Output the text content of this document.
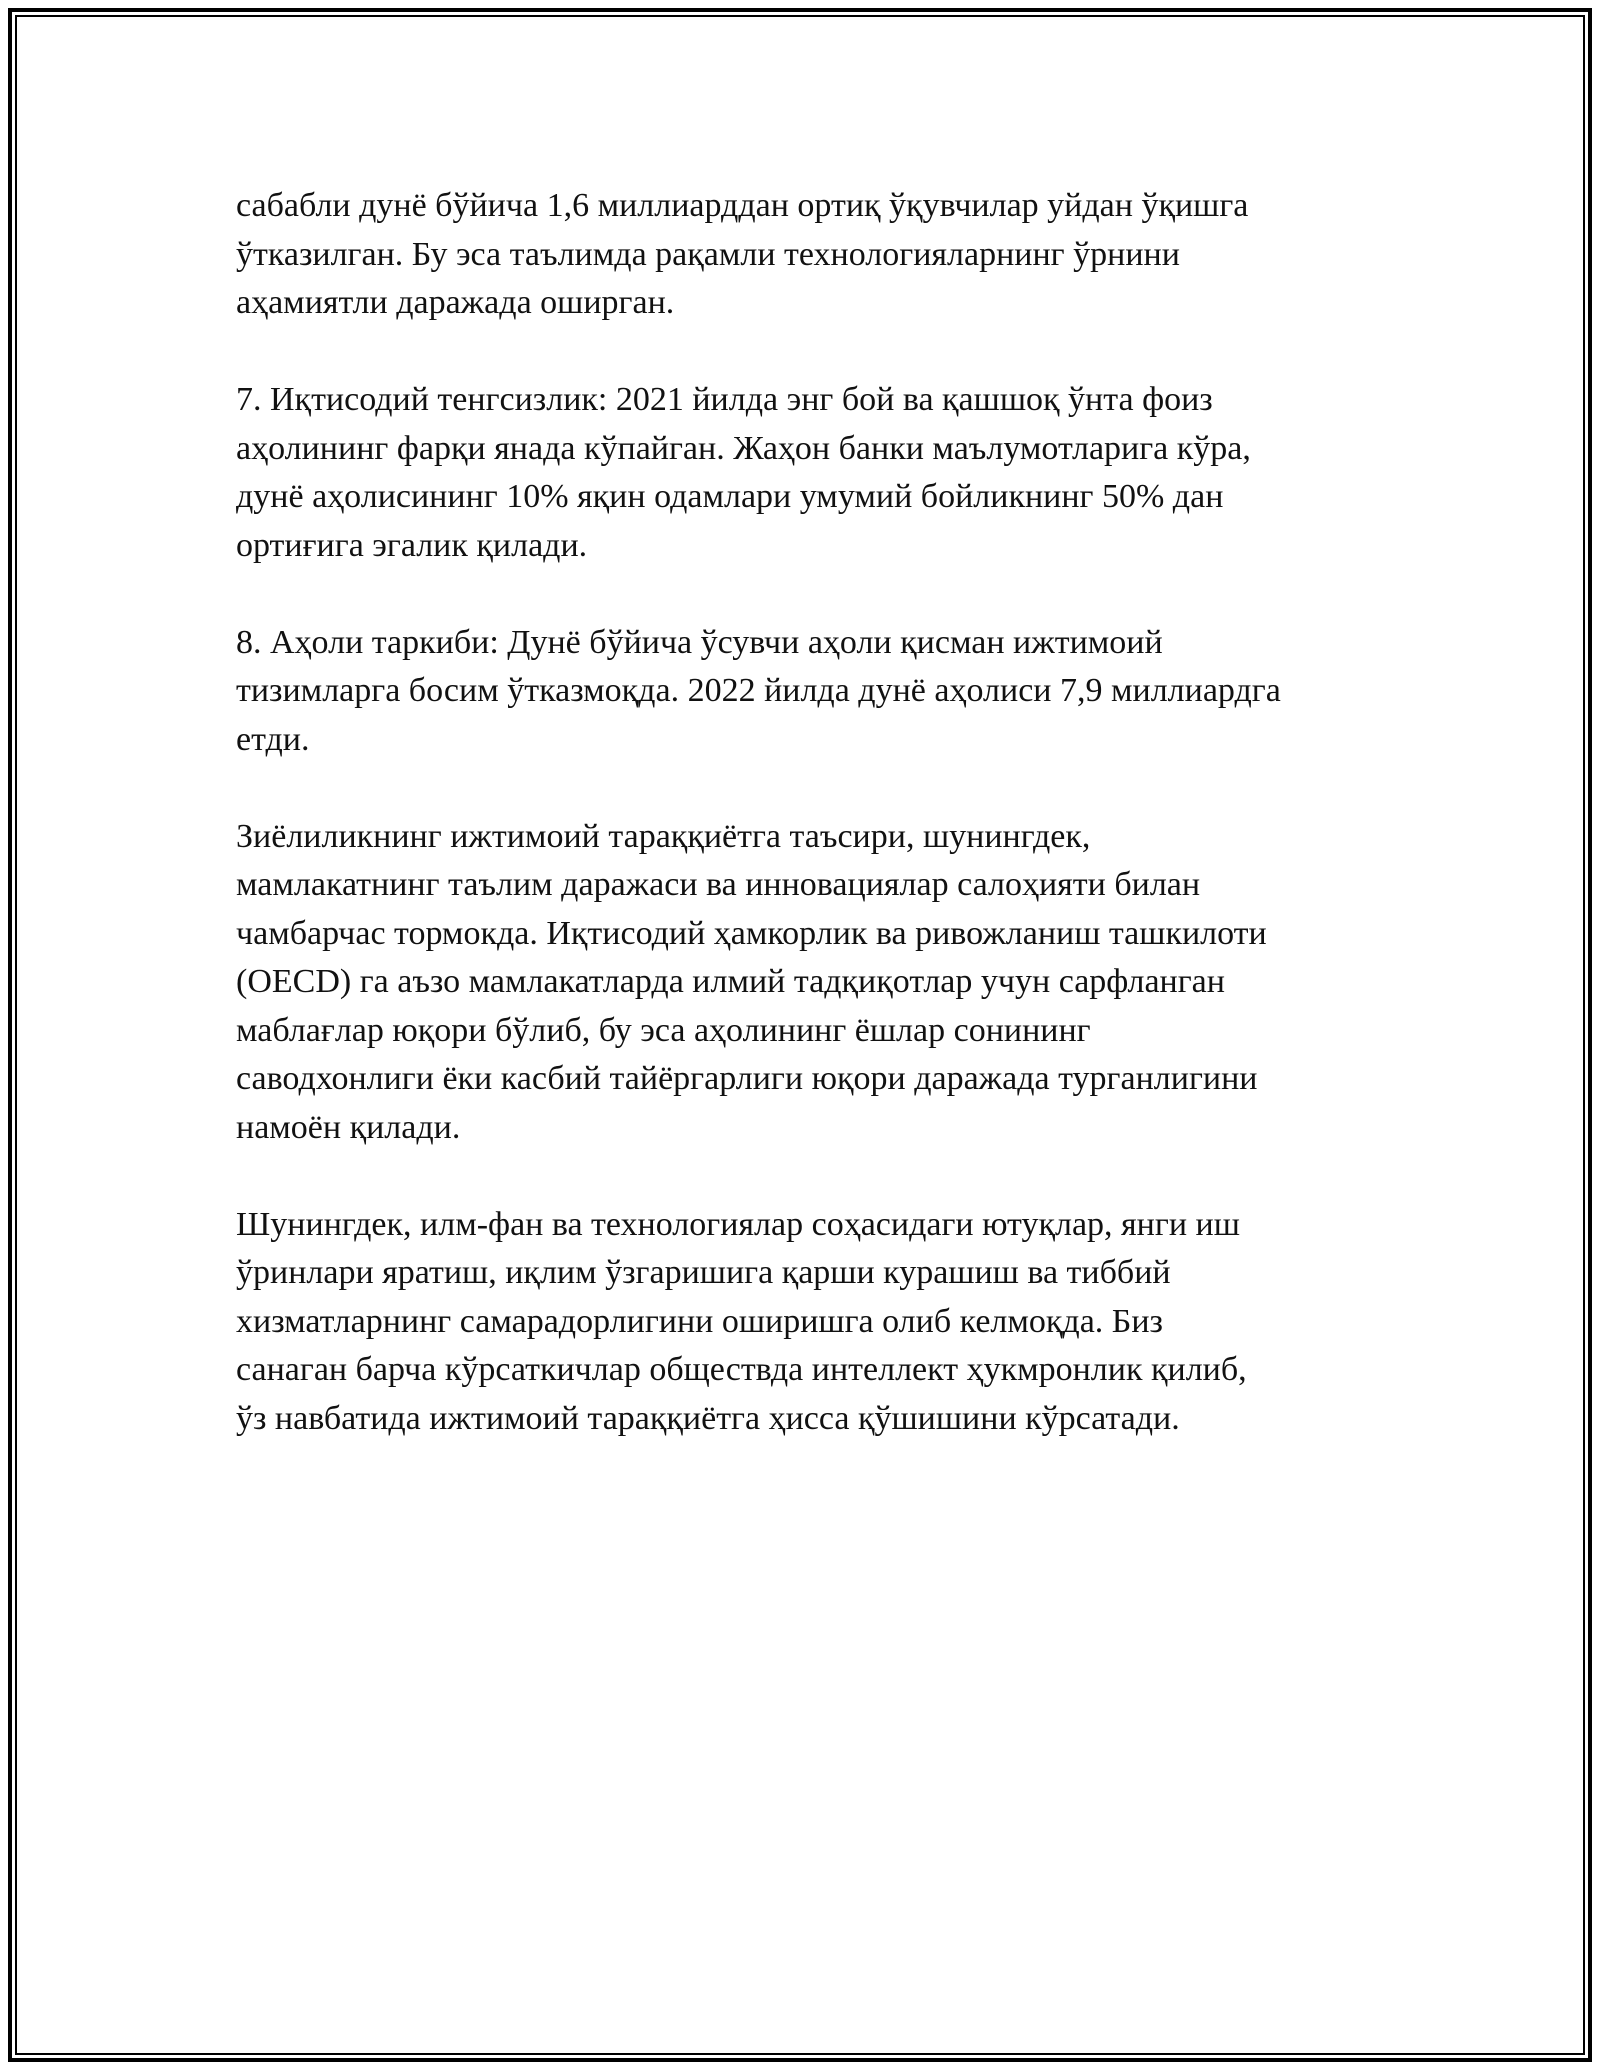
сабабли дунё бўйича 1,6 миллиарддан ортиқ ўқувчилар уйдан ўқишга
ўтказилган. Бу эса таълимда рақамли технологияларнинг ўрнини
аҳамиятли даражада оширган.

7. Иқтисодий тенгсизлик: 2021 йилда энг бой ва қашшоқ ўнта фоиз
аҳолининг фарқи янада кўпайган. Жаҳон банки маълумотларига кўра,
дунё аҳолисининг 10% яқин одамлари умумий бойликнинг 50% дан
ортиғига эгалик қилади.

8. Аҳоли таркиби: Дунё бўйича ўсувчи аҳоли қисман ижтимоий
тизимларга босим ўтказмоқда. 2022 йилда дунё аҳолиси 7,9 миллиардга
етди.

Зиёлиликнинг ижтимоий тараққиётга таъсири, шунингдек,
мамлакатнинг таълим даражаси ва инновациялар салоҳияти билан
чамбарчас тормокда. Иқтисодий ҳамкорлик ва ривожланиш ташкилоти
(OECD) га аъзо мамлакатларда илмий тадқиқотлар учун сарфланган
маблағлар юқори бўлиб, бу эса аҳолининг ёшлар сонининг
саводхонлиги ёки касбий тайёргарлиги юқори даражада турганлигини
намоён қилади.

Шунингдек, илм-фан ва технологиялар соҳасидаги ютуқлар, янги иш
ўринлари яратиш, иқлим ўзгаришига қарши курашиш ва тиббий
хизматларнинг самарадорлигини оширишга олиб келмоқда. Биз
санаган барча кўрсаткичлар обществда интеллект ҳукмронлик қилиб,
ўз навбатида ижтимоий тараққиётга ҳисса қўшишини кўрсатади.
